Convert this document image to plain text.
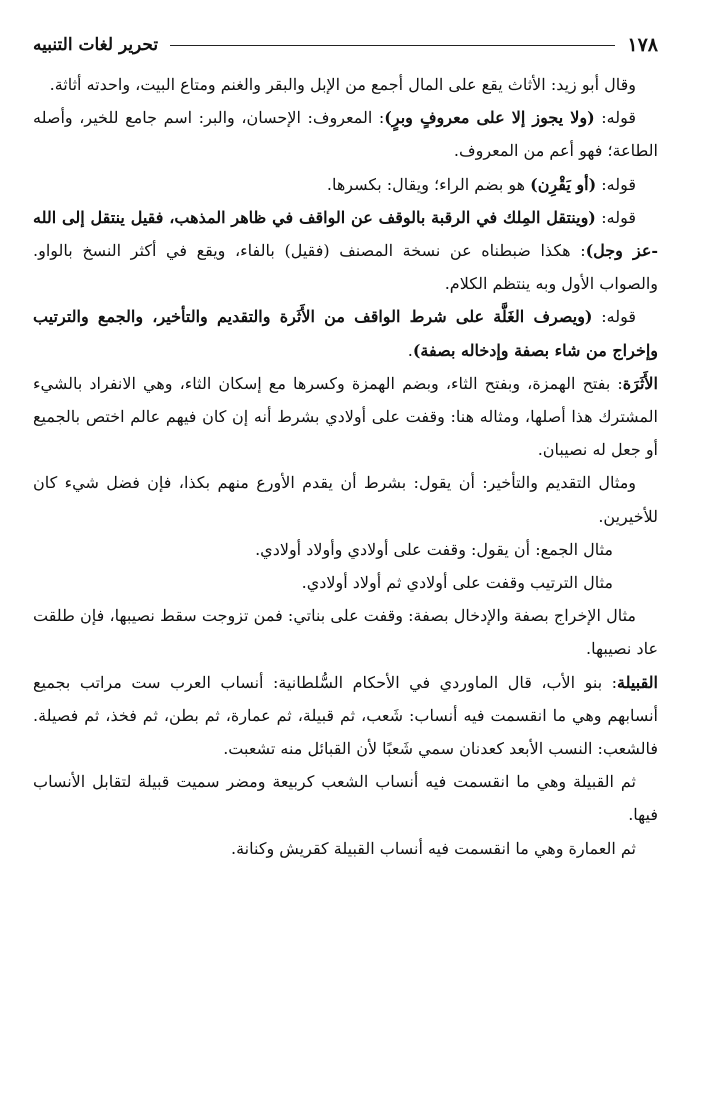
١٧٨
تحرير لغات التنبيه

وقال أبو زيد: الأثاث يقع على المال أجمع من الإبل والبقر والغنم ومتاع البيت، واحدته أثاثة.

قوله: (ولا يجوز إلا على معروفٍ وبرٍ): المعروف: الإحسان، والبر: اسم جامع للخير، وأصله الطاعة؛ فهو أعم من المعروف.

قوله: (أو يَقْرِن) هو بضم الراء؛ ويقال: بكسرها.

قوله: (وينتقل المِلك في الرقبة بالوقف عن الواقف في ظاهر المذهب، فقيل ينتقل إلى الله -عز وجل): هكذا ضبطناه عن نسخة المصنف (فقيل) بالفاء، ويقع في أكثر النسخ بالواو. والصواب الأول وبه ينتظم الكلام.

قوله: (ويصرف الغَلَّة على شرط الواقف من الأَثَرة والتقديم والتأخير، والجمع والترتيب وإخراج من شاء بصفة وإدخاله بصفة).

الأَثَرَة: بفتح الهمزة، وبفتح الثاء، وبضم الهمزة وكسرها مع إسكان الثاء، وهي الانفراد بالشيء المشترك هذا أصلها، ومثاله هنا: وقفت على أولادي بشرط أنه إن كان فيهم عالم اختص بالجميع أو جعل له نصيبان.

ومثال التقديم والتأخير: أن يقول: بشرط أن يقدم الأورع منهم بكذا، فإن فضل شيء كان للأخيرين.

مثال الجمع: أن يقول: وقفت على أولادي وأولاد أولادي.

مثال الترتيب وقفت على أولادي ثم أولاد أولادي.

مثال الإخراج بصفة والإدخال بصفة: وقفت على بناتي: فمن تزوجت سقط نصيبها، فإن طلقت عاد نصيبها.

القبيلة: بنو الأب، قال الماوردي في الأحكام السُّلطانية: أنساب العرب ست مراتب بجميع أنسابهم وهي ما انقسمت فيه أنساب: شَعب، ثم قبيلة، ثم عمارة، ثم بطن، ثم فخذ، ثم فصيلة. فالشعب: النسب الأبعد كعدنان سمي شَعبًا لأن القبائل منه تشعبت.

ثم القبيلة وهي ما انقسمت فيه أنساب الشعب كربيعة ومضر سميت قبيلة لتقابل الأنساب فيها.

ثم العمارة وهي ما انقسمت فيه أنساب القبيلة كقريش وكنانة.
